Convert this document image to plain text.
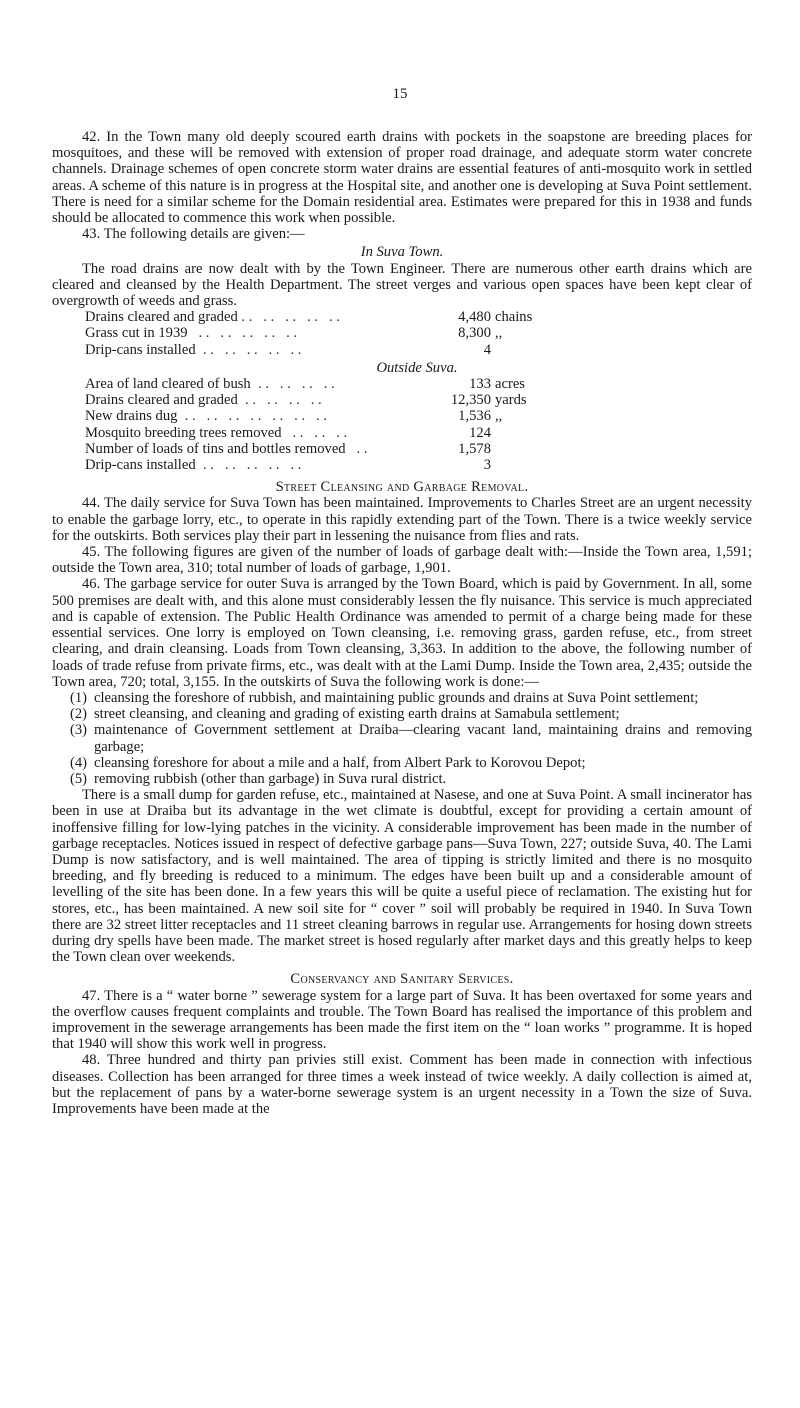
15

42. In the Town many old deeply scoured earth drains with pockets in the soapstone are breeding places for mosquitoes, and these will be removed with extension of proper road drainage, and adequate storm water concrete channels. Drainage schemes of open concrete storm water drains are essential features of anti-mosquito work in settled areas. A scheme of this nature is in progress at the Hospital site, and another one is developing at Suva Point settlement. There is need for a similar scheme for the Domain residential area. Estimates were prepared for this in 1938 and funds should be allocated to commence this work when possible.

43. The following details are given:—

In Suva Town.

The road drains are now dealt with by the Town Engineer. There are numerous other earth drains which are cleared and cleansed by the Health Department. The street verges and various open spaces have been kept clear of overgrowth of weeds and grass.

Drains cleared and graded . .   . .   . .   . .   . .	4,480	chains
Grass cut in 1939   . .   . .   . .   . .   . .	8,300	,,
Drip-cans installed  . .   . .   . .   . .   . .	4	

Outside Suva.

Area of land cleared of bush  . .   . .   . .   . .	133	acres
Drains cleared and graded  . .   . .   . .   . .	12,350	yards
New drains dug  . .   . .   . .   . .   . .   . .   . .	1,536	,,
Mosquito breeding trees removed   . .   . .   . .	124	
Number of loads of tins and bottles removed   . .	1,578	
Drip-cans installed  . .   . .   . .   . .   . .	3	

Street Cleansing and Garbage Removal.

44. The daily service for Suva Town has been maintained. Improvements to Charles Street are an urgent necessity to enable the garbage lorry, etc., to operate in this rapidly extending part of the Town. There is a twice weekly service for the outskirts. Both services play their part in lessening the nuisance from flies and rats.

45. The following figures are given of the number of loads of garbage dealt with:—Inside the Town area, 1,591; outside the Town area, 310; total number of loads of garbage, 1,901.

46. The garbage service for outer Suva is arranged by the Town Board, which is paid by Government. In all, some 500 premises are dealt with, and this alone must considerably lessen the fly nuisance. This service is much appreciated and is capable of extension. The Public Health Ordinance was amended to permit of a charge being made for these essential services. One lorry is employed on Town cleansing, i.e. removing grass, garden refuse, etc., from street clearing, and drain cleansing. Loads from Town cleansing, 3,363. In addition to the above, the following number of loads of trade refuse from private firms, etc., was dealt with at the Lami Dump. Inside the Town area, 2,435; outside the Town area, 720; total, 3,155. In the outskirts of Suva the following work is done:—

(1) cleansing the foreshore of rubbish, and maintaining public grounds and drains at Suva Point settlement;
(2) street cleansing, and cleaning and grading of existing earth drains at Samabula settlement;
(3) maintenance of Government settlement at Draiba—clearing vacant land, maintaining drains and removing garbage;
(4) cleansing foreshore for about a mile and a half, from Albert Park to Korovou Depot;
(5) removing rubbish (other than garbage) in Suva rural district.

There is a small dump for garden refuse, etc., maintained at Nasese, and one at Suva Point. A small incinerator has been in use at Draiba but its advantage in the wet climate is doubtful, except for providing a certain amount of inoffensive filling for low-lying patches in the vicinity. A considerable improvement has been made in the number of garbage receptacles. Notices issued in respect of defective garbage pans—Suva Town, 227; outside Suva, 40. The Lami Dump is now satisfactory, and is well maintained. The area of tipping is strictly limited and there is no mosquito breeding, and fly breeding is reduced to a minimum. The edges have been built up and a considerable amount of levelling of the site has been done. In a few years this will be quite a useful piece of reclamation. The existing hut for stores, etc., has been maintained. A new soil site for “ cover ” soil will probably be required in 1940. In Suva Town there are 32 street litter receptacles and 11 street cleaning barrows in regular use. Arrangements for hosing down streets during dry spells have been made. The market street is hosed regularly after market days and this greatly helps to keep the Town clean over weekends.

Conservancy and Sanitary Services.

47. There is a “ water borne ” sewerage system for a large part of Suva. It has been overtaxed for some years and the overflow causes frequent complaints and trouble. The Town Board has realised the importance of this problem and improvement in the sewerage arrangements has been made the first item on the “ loan works ” programme. It is hoped that 1940 will show this work well in progress.

48. Three hundred and thirty pan privies still exist. Comment has been made in connection with infectious diseases. Collection has been arranged for three times a week instead of twice weekly. A daily collection is aimed at, but the replacement of pans by a water-borne sewerage system is an urgent necessity in a Town the size of Suva. Improvements have been made at the
